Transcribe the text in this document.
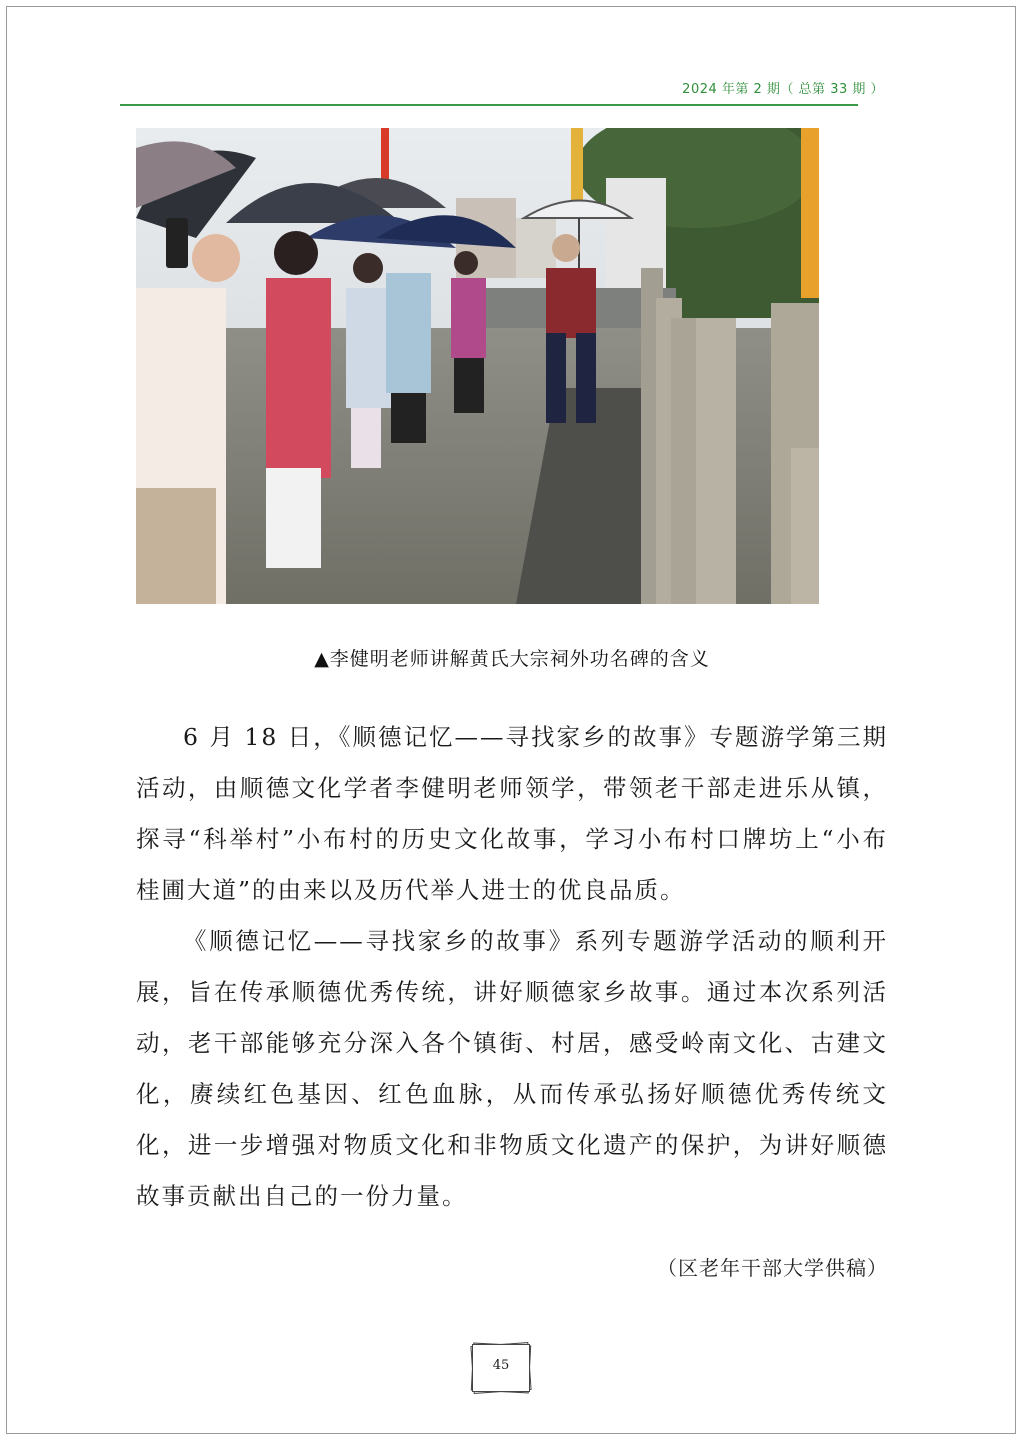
2024 年第 2 期（ 总第 33 期 ）
▲李健明老师讲解黄氏大宗祠外功名碑的含义

6 月 18 日，《顺德记忆——寻找家乡的故事》专题游学第三期活动，由顺德文化学者李健明老师领学，带领老干部走进乐从镇，探寻“科举村”小布村的历史文化故事，学习小布村口牌坊上“小布桂圃大道”的由来以及历代举人进士的优良品质。

《顺德记忆——寻找家乡的故事》系列专题游学活动的顺利开展，旨在传承顺德优秀传统，讲好顺德家乡故事。通过本次系列活动，老干部能够充分深入各个镇街、村居，感受岭南文化、古建文化，赓续红色基因、红色血脉，从而传承弘扬好顺德优秀传统文化，进一步增强对物质文化和非物质文化遗产的保护，为讲好顺德故事贡献出自己的一份力量。

（区老年干部大学供稿）
45
